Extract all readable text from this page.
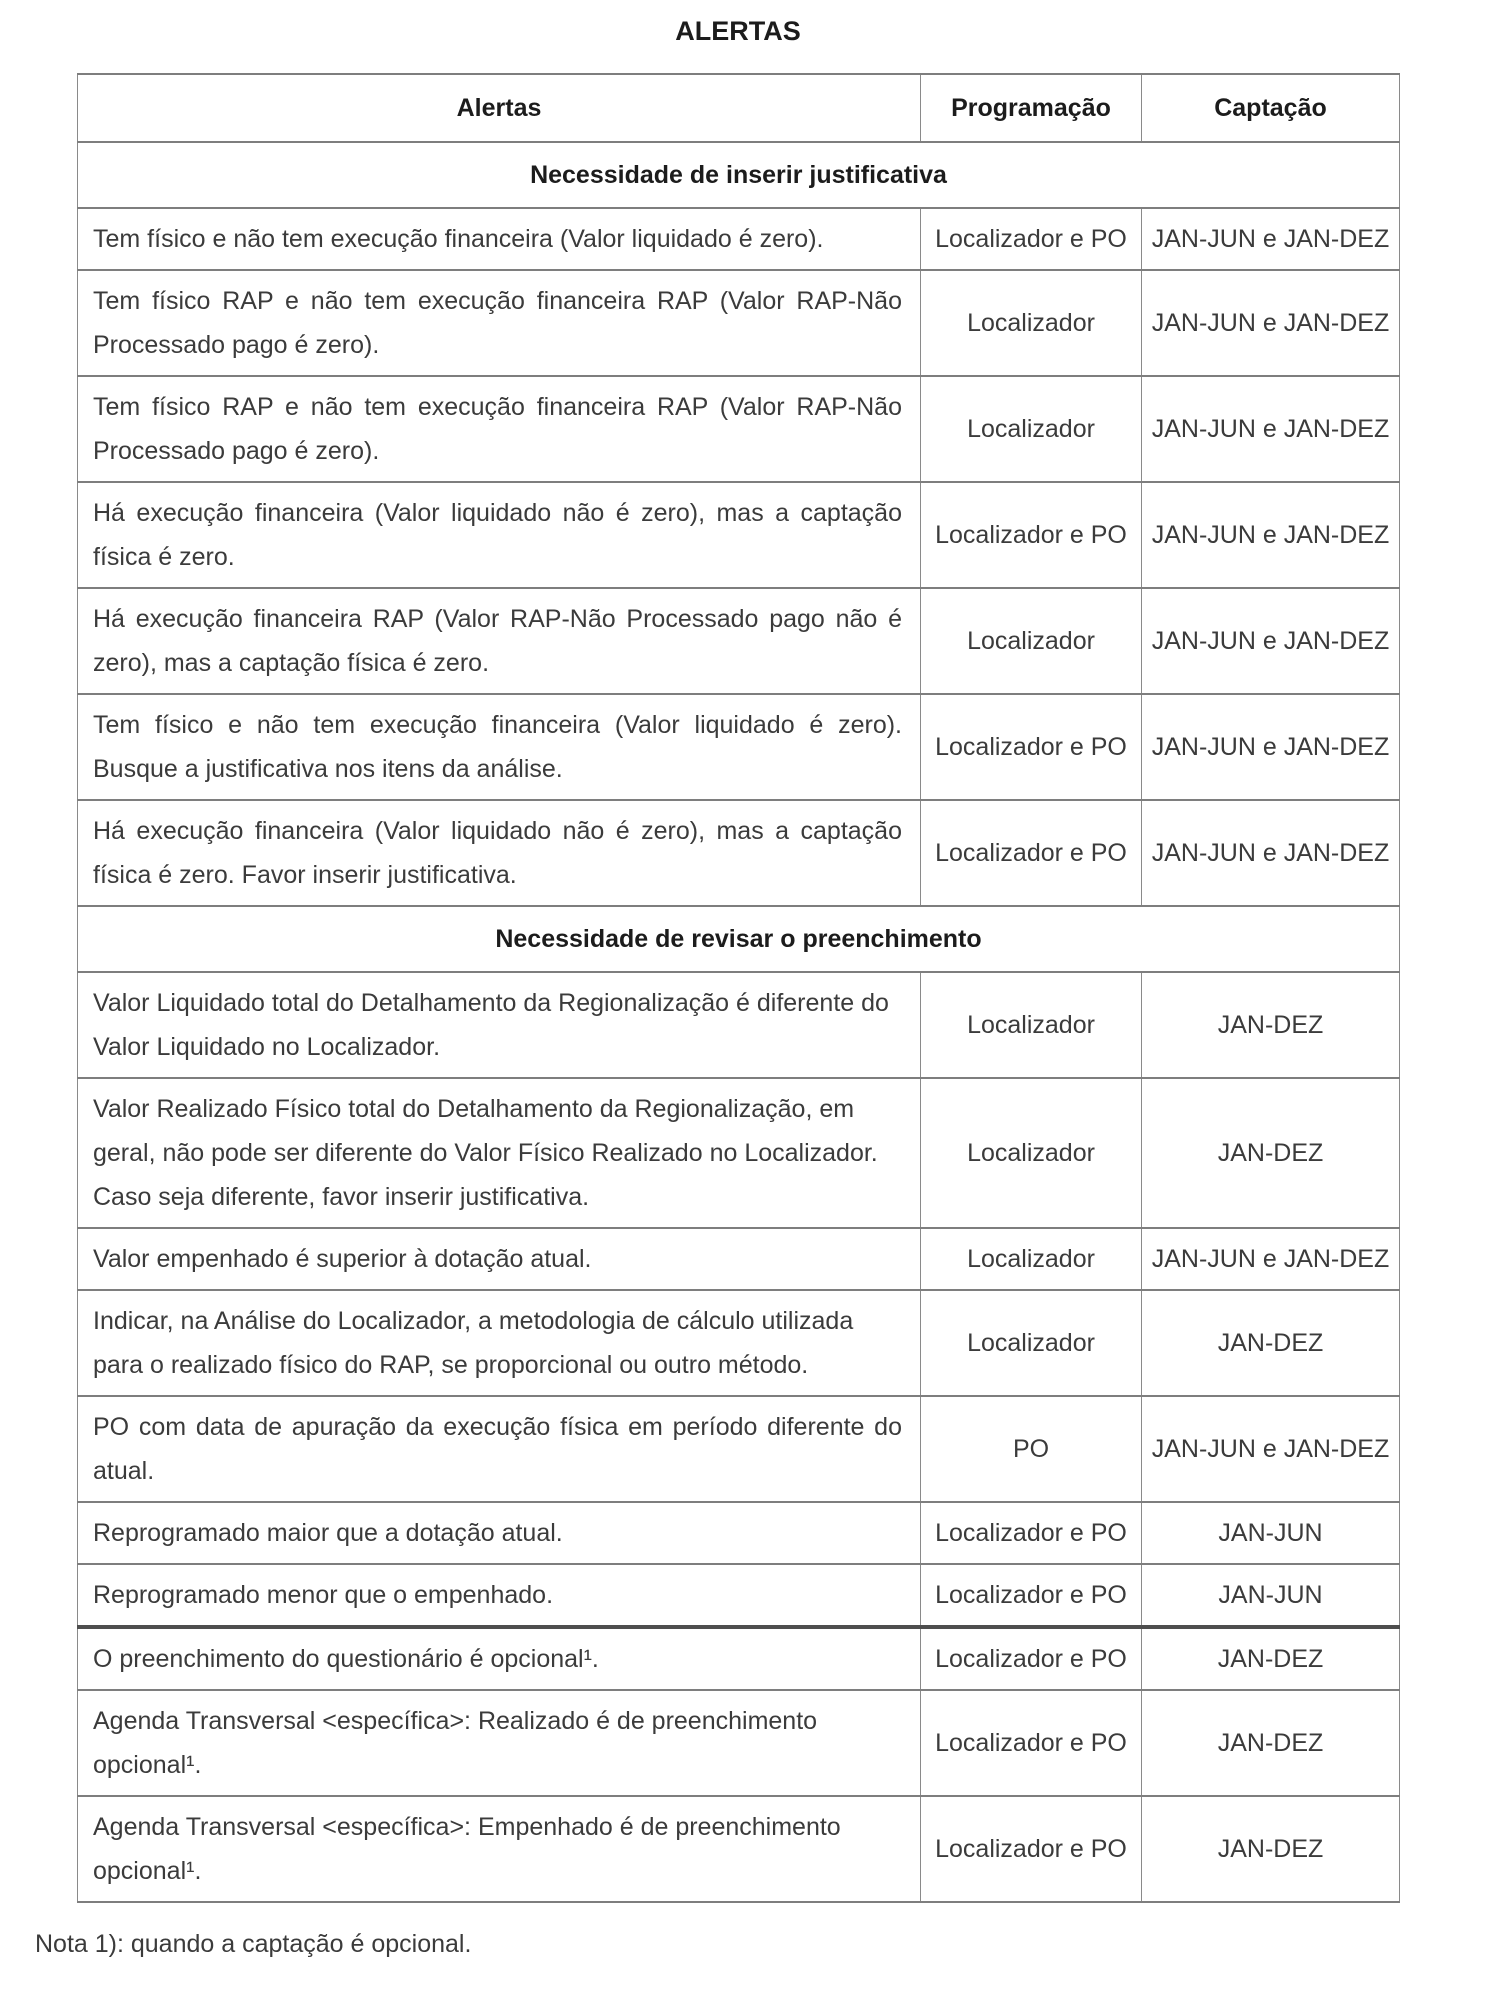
ALERTAS
Alertas	Programação	Captação
Necessidade de inserir justificativa		
Tem físico e não tem execução financeira (Valor liquidado é zero).	Localizador e PO	JAN-JUN e JAN-DEZ
Tem físico RAP e não tem execução financeira RAP (Valor RAP-Não Processado pago é zero).	Localizador	JAN-JUN e JAN-DEZ
Tem físico RAP e não tem execução financeira RAP (Valor RAP-Não Processado pago é zero).	Localizador	JAN-JUN e JAN-DEZ
Há execução financeira (Valor liquidado não é zero), mas a captação física é zero.	Localizador e PO	JAN-JUN e JAN-DEZ
Há execução financeira RAP (Valor RAP-Não Processado pago não é zero), mas a captação física é zero.	Localizador	JAN-JUN e JAN-DEZ
Tem físico e não tem execução financeira (Valor liquidado é zero). Busque a justificativa nos itens da análise.	Localizador e PO	JAN-JUN e JAN-DEZ
Há execução financeira (Valor liquidado não é zero), mas a captação física é zero. Favor inserir justificativa.	Localizador e PO	JAN-JUN e JAN-DEZ
Necessidade de revisar o preenchimento		
Valor Liquidado total do Detalhamento da Regionalização é diferente do Valor Liquidado no Localizador.	Localizador	JAN-DEZ
Valor Realizado Físico total do Detalhamento da Regionalização, em geral, não pode ser diferente do Valor Físico Realizado no Localizador. Caso seja diferente, favor inserir justificativa.	Localizador	JAN-DEZ
Valor empenhado é superior à dotação atual.	Localizador	JAN-JUN e JAN-DEZ
Indicar, na Análise do Localizador, a metodologia de cálculo utilizada para o realizado físico do RAP, se proporcional ou outro método.	Localizador	JAN-DEZ
PO com data de apuração da execução física em período diferente do atual.	PO	JAN-JUN e JAN-DEZ
Reprogramado maior que a dotação atual.	Localizador e PO	JAN-JUN
Reprogramado menor que o empenhado.	Localizador e PO	JAN-JUN
O preenchimento do questionário é opcional¹.	Localizador e PO	JAN-DEZ
Agenda Transversal <específica>: Realizado é de preenchimento opcional¹.	Localizador e PO	JAN-DEZ
Agenda Transversal <específica>: Empenhado é de preenchimento opcional¹.	Localizador e PO	JAN-DEZ
Nota 1): quando a captação é opcional.
